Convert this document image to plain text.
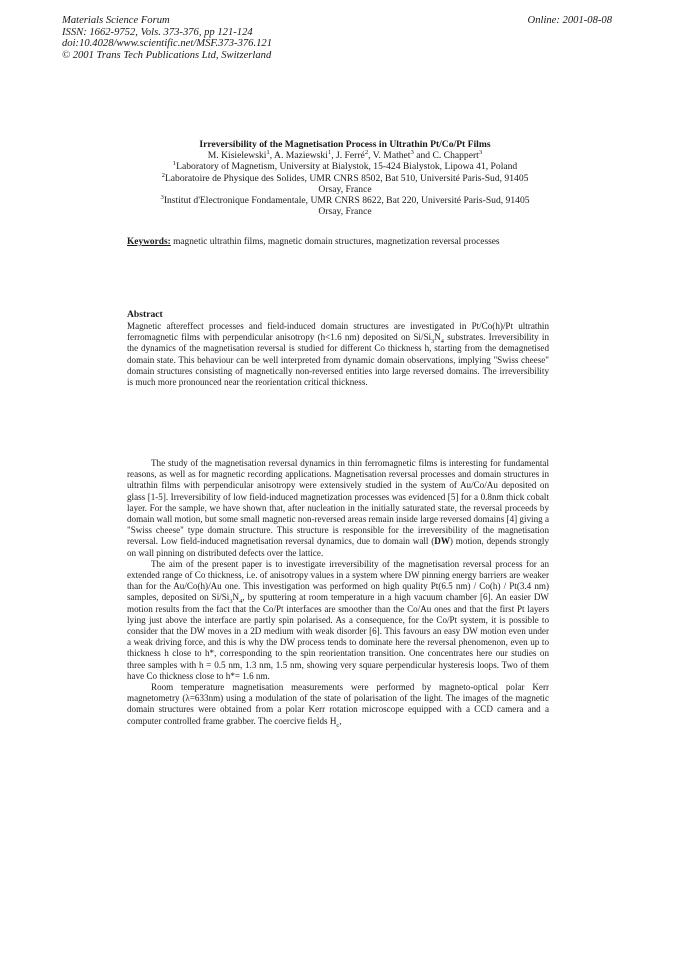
Materials Science Forum
ISSN: 1662-9752, Vols. 373-376, pp 121-124
doi:10.4028/www.scientific.net/MSF.373-376.121
© 2001 Trans Tech Publications Ltd, Switzerland
Online: 2001-08-08
Irreversibility of the Magnetisation Process in Ultrathin Pt/Co/Pt Films
M. Kisielewski$^1$, A. Maziewski$^1$, J. Ferré$^2$, V. Mathet$^3$ and C. Chappert$^3$
$^1$Laboratory of Magnetism, University at Bialystok, 15-424 Bialystok, Lipowa 41, Poland
$^2$Laboratoire de Physique des Solides, UMR CNRS 8502, Bat 510, Université Paris-Sud, 91405
Orsay, France
$^3$Institut d'Electronique Fondamentale, UMR CNRS 8622, Bat 220, Université Paris-Sud, 91405
Orsay, France
Keywords: magnetic ultrathin films, magnetic domain structures, magnetization reversal processes
Abstract
Magnetic aftereffect processes and field-induced domain structures are investigated in Pt/Co(h)/Pt ultrathin ferromagnetic films with perpendicular anisotropy (h<1.6 nm) deposited on $Si/Si_3N_4$ substrates. Irreversibility in the dynamics of the magnetisation reversal is studied for different Co thickness h, starting from the demagnetised domain state. This behaviour can be well interpreted from dynamic domain observations, implying "Swiss cheese" domain structures consisting of magnetically non-reversed entities into large reversed domains. The irreversibility is much more pronounced near the reorientation critical thickness.

The study of the magnetisation reversal dynamics in thin ferromagnetic films is interesting for fundamental reasons, as well as for magnetic recording applications. Magnetisation reversal processes and domain structures in ultrathin films with perpendicular anisotropy were extensively studied in the system of Au/Co/Au deposited on glass [1-5]. Irreversibility of low field-induced magnetization processes was evidenced [5] for a 0.8nm thick cobalt layer. For the sample, we have shown that, after nucleation in the initially saturated state, the reversal proceeds by domain wall motion, but some small magnetic non-reversed areas remain inside large reversed domains [4] giving a "Swiss cheese" type domain structure. This structure is responsible for the irreversibility of the magnetisation reversal. Low field-induced magnetisation reversal dynamics, due to domain wall (DW) motion, depends strongly on wall pinning on distributed defects over the lattice.

The aim of the present paper is to investigate irreversibility of the magnetisation reversal process for an extended range of Co thickness, i.e. of anisotropy values in a system where DW pinning energy barriers are weaker than for the Au/Co(h)/Au one. This investigation was performed on high quality Pt(6.5 nm) / Co(h) / Pt(3.4 nm) samples, deposited on $Si/Si_3N_4$, by sputtering at room temperature in a high vacuum chamber [6]. An easier DW motion results from the fact that the Co/Pt interfaces are smoother than the Co/Au ones and that the first Pt layers lying just above the interface are partly spin polarised. As a consequence, for the Co/Pt system, it is possible to consider that the DW moves in a 2D medium with weak disorder [6]. This favours an easy DW motion even under a weak driving force, and this is why the DW process tends to dominate here the reversal phenomenon, even up to thickness h close to h*, corresponding to the spin reorientation transition. One concentrates here our studies on three samples with h = 0.5 nm, 1.3 nm, 1.5 nm, showing very square perpendicular hysteresis loops. Two of them have Co thickness close to h*= 1.6 nm.

Room temperature magnetisation measurements were performed by magneto-optical polar Kerr magnetometry (λ=633nm) using a modulation of the state of polarisation of the light. The images of the magnetic domain structures were obtained from a polar Kerr rotation microscope equipped with a CCD camera and a computer controlled frame grabber. The coercive fields $H_c$,
